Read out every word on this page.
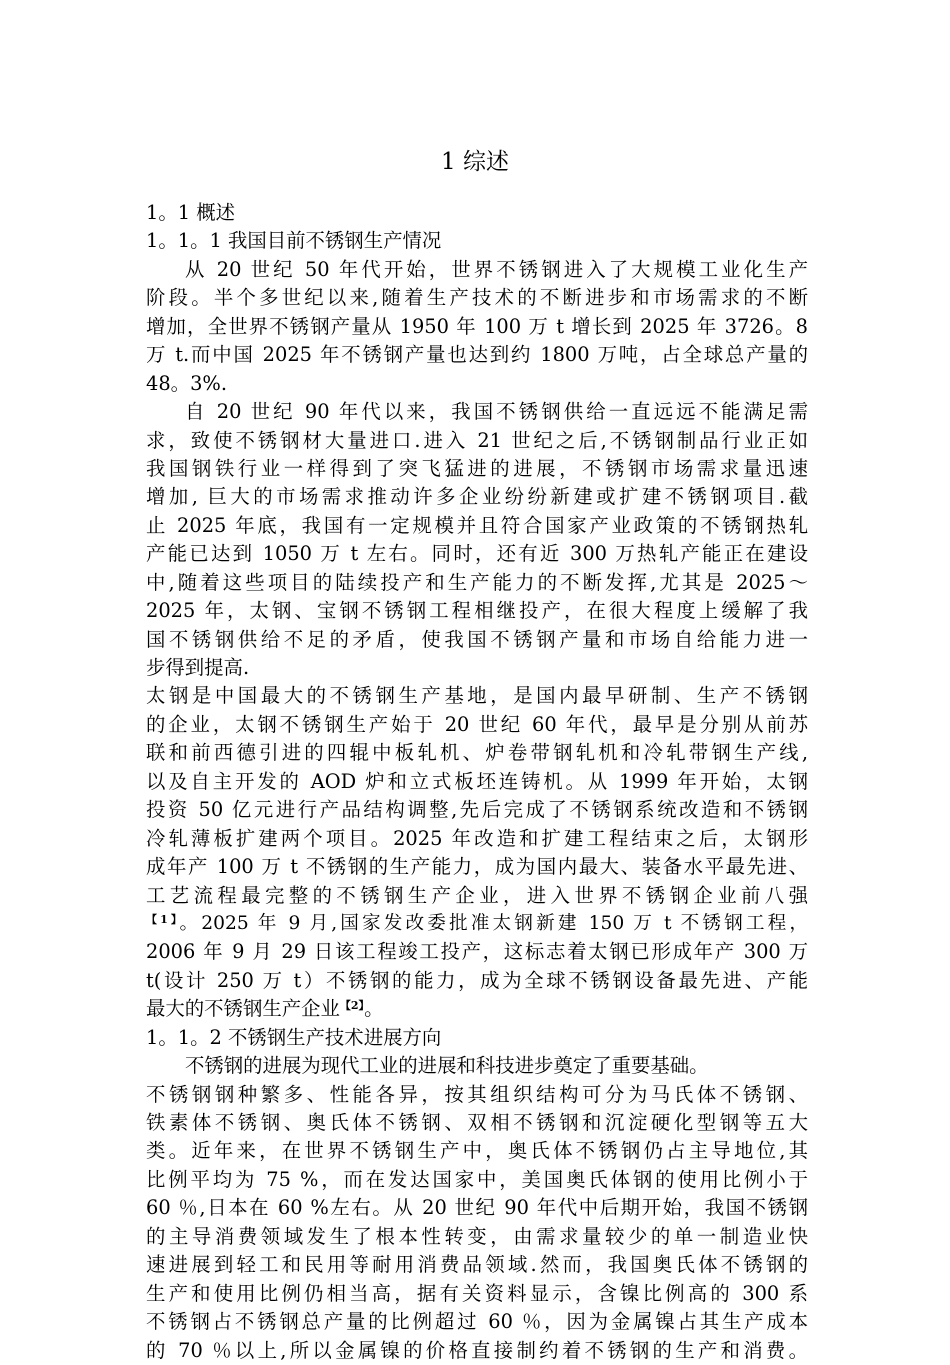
1 综述
1。1 概述
1。1。1 我国目前不锈钢生产情况
从 20 世纪 50 年代开始，世界不锈钢进入了大规模工业化生产
阶段。半个多世纪以来,随着生产技术的不断进步和市场需求的不断
增加，全世界不锈钢产量从 1950 年 100 万 t 增长到 2025 年 3726。8
万 t.而中国 2025 年不锈钢产量也达到约 1800 万吨，占全球总产量的
48。3%.
自 20 世纪 90 年代以来，我国不锈钢供给一直远远不能满足需
求，致使不锈钢材大量进口.进入 21 世纪之后,不锈钢制品行业正如
我国钢铁行业一样得到了突飞猛进的进展，不锈钢市场需求量迅速
增加, 巨大的市场需求推动许多企业纷纷新建或扩建不锈钢项目.截
止 2025 年底，我国有一定规模并且符合国家产业政策的不锈钢热轧
产能已达到 1050 万 t 左右。同时，还有近 300 万热轧产能正在建设
中,随着这些项目的陆续投产和生产能力的不断发挥,尤其是 2025～
2025 年，太钢、宝钢不锈钢工程相继投产，在很大程度上缓解了我
国不锈钢供给不足的矛盾，使我国不锈钢产量和市场自给能力进一
步得到提高.
太钢是中国最大的不锈钢生产基地，是国内最早研制、生产不锈钢
的企业，太钢不锈钢生产始于 20 世纪 60 年代，最早是分别从前苏
联和前西德引进的四辊中板轧机、炉卷带钢轧机和冷轧带钢生产线,
以及自主开发的 AOD 炉和立式板坯连铸机。从 1999 年开始，太钢
投资 50 亿元进行产品结构调整,先后完成了不锈钢系统改造和不锈钢
冷轧薄板扩建两个项目。2025 年改造和扩建工程结束之后，太钢形
成年产 100 万 t 不锈钢的生产能力，成为国内最大、装备水平最先进、
工艺流程最完整的不锈钢生产企业，进入世界不锈钢企业前八强
$^{【1】}$。2025 年 9 月,国家发改委批准太钢新建 150 万 t 不锈钢工程，
2006 年 9 月 29 日该工程竣工投产，这标志着太钢已形成年产 300 万
t(设计 250 万 t）不锈钢的能力，成为全球不锈钢设备最先进、产能
最大的不锈钢生产企业$^{【2】}$。
1。1。2 不锈钢生产技术进展方向
不锈钢的进展为现代工业的进展和科技进步奠定了重要基础。
不锈钢钢种繁多、性能各异，按其组织结构可分为马氏体不锈钢、
铁素体不锈钢、奥氏体不锈钢、双相不锈钢和沉淀硬化型钢等五大
类。近年来，在世界不锈钢生产中，奥氏体不锈钢仍占主导地位,其
比例平均为 75 %，而在发达国家中，美国奥氏体钢的使用比例小于
60 ％,日本在 60 %左右。从 20 世纪 90 年代中后期开始，我国不锈钢
的主导消费领域发生了根本性转变，由需求量较少的单一制造业快
速进展到轻工和民用等耐用消费品领域.然而，我国奥氏体不锈钢的
生产和使用比例仍相当高，据有关资料显示，含镍比例高的 300 系
不锈钢占不锈钢总产量的比例超过 60 ％，因为金属镍占其生产成本
的 70 ％以上,所以金属镍的价格直接制约着不锈钢的生产和消费。
